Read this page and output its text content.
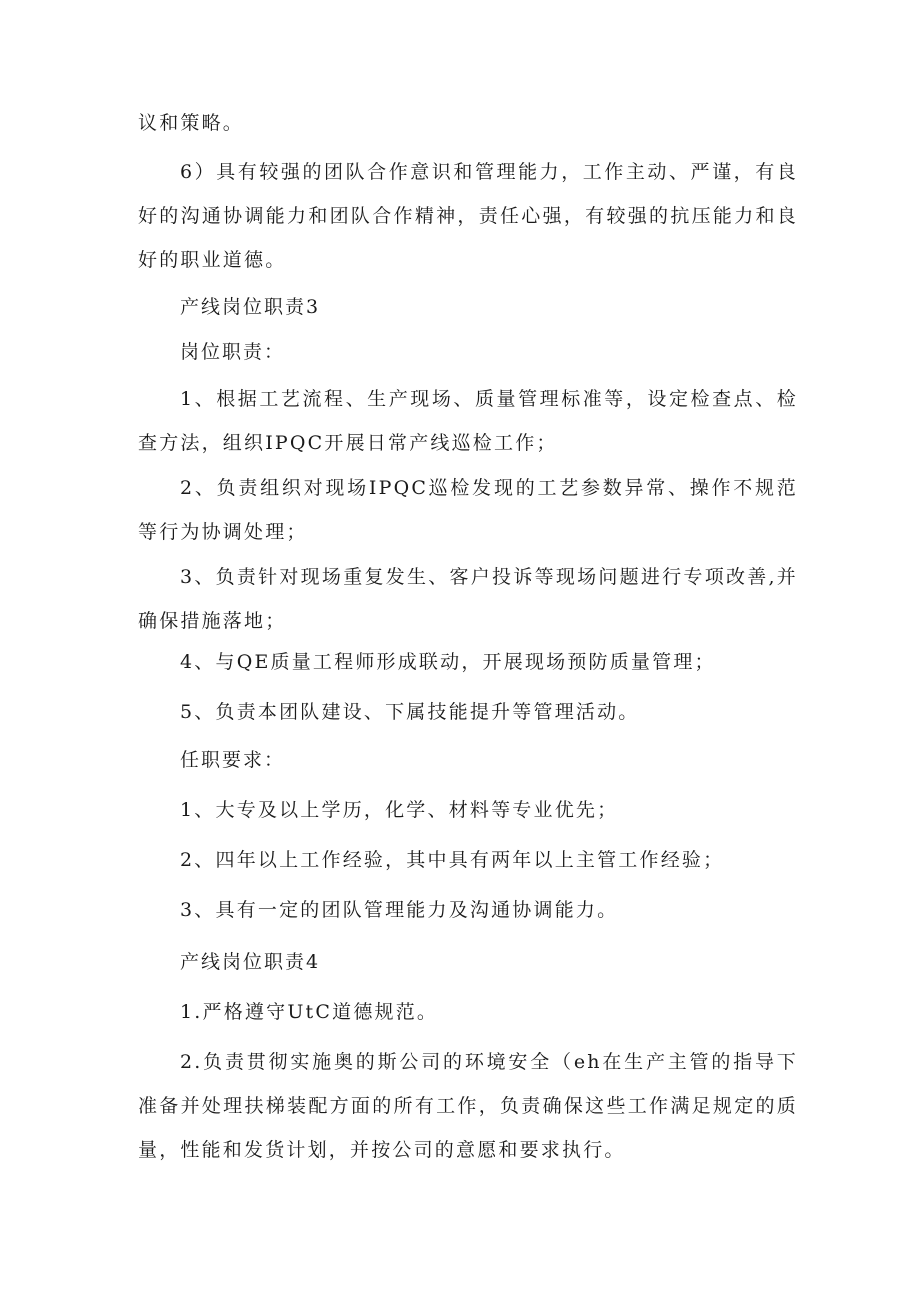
议和策略。

6）具有较强的团队合作意识和管理能力，工作主动、严谨，有良好的沟通协调能力和团队合作精神，责任心强，有较强的抗压能力和良好的职业道德。

产线岗位职责3

岗位职责：

1、根据工艺流程、生产现场、质量管理标准等，设定检查点、检查方法，组织IPQC开展日常产线巡检工作；

2、负责组织对现场IPQC巡检发现的工艺参数异常、操作不规范等行为协调处理；

3、负责针对现场重复发生、客户投诉等现场问题进行专项改善,并确保措施落地；

4、与QE质量工程师形成联动，开展现场预防质量管理；

5、负责本团队建设、下属技能提升等管理活动。

任职要求：

1、大专及以上学历，化学、材料等专业优先；

2、四年以上工作经验，其中具有两年以上主管工作经验；

3、具有一定的团队管理能力及沟通协调能力。

产线岗位职责4

1.严格遵守UtC道德规范。

2.负责贯彻实施奥的斯公司的环境安全（eh在生产主管的指导下准备并处理扶梯装配方面的所有工作，负责确保这些工作满足规定的质量，性能和发货计划，并按公司的意愿和要求执行。
